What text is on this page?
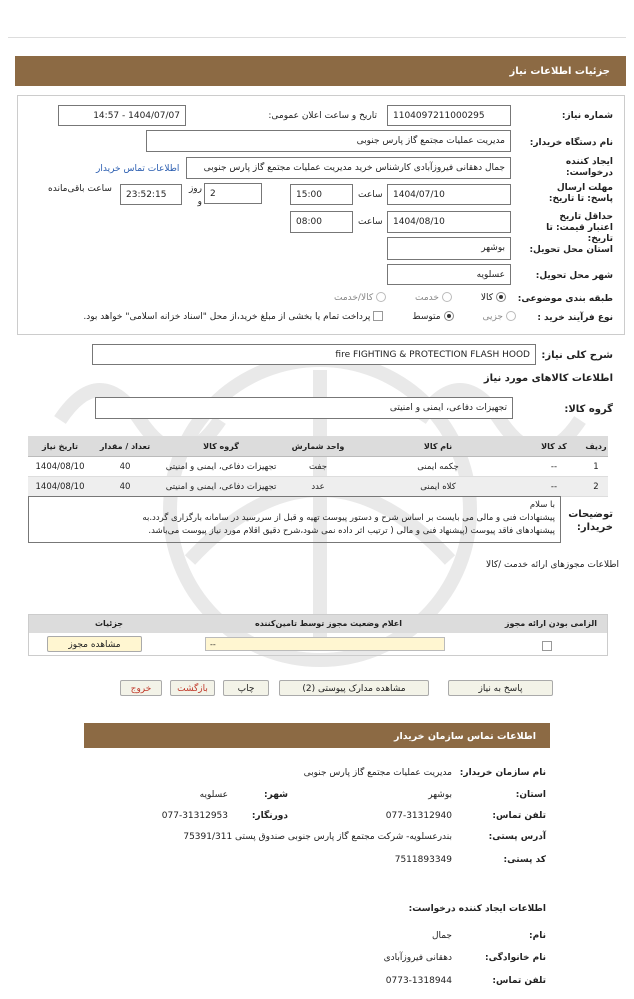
جزئیات اطلاعات نیاز
شماره نیاز:
1104097211000295
تاریخ و ساعت اعلان عمومی:
1404/07/07 - 14:57
نام دستگاه خریدار:
مدیریت عملیات مجتمع گاز پارس جنوبی
ایجاد کننده درخواست:
جمال دهقانی فیروزآبادی کارشناس خرید مدیریت عملیات مجتمع گاز پارس جنوبی
اطلاعات تماس خریدار
مهلت ارسال پاسخ: تا تاریخ:
1404/07/10
ساعت
15:00
2
روز و
23:52:15
ساعت باقی‌مانده
حداقل تاریخ اعتبار قیمت: تا تاریخ:
1404/08/10
ساعت
08:00
استان محل تحویل:
بوشهر
شهر محل تحویل:
عسلویه
طبقه بندی موضوعی:
کالا خدمت کالا/خدمت
نوع فرآیند خرید :
جزیی متوسط پرداخت تمام یا بخشی از مبلغ خرید،از محل "اسناد خزانه اسلامی" خواهد بود.
شرح کلی نیاز:
fire FIGHTING & PROTECTION FLASH HOOD
اطلاعات کالاهای مورد نیاز
گروه کالا:
تجهیزات دفاعی، ایمنی و امنیتی
ردیف	کد کالا	نام کالا	واحد شمارش	گروه کالا	تعداد / مقدار	تاریخ نیاز
1	--	چکمه ایمنی	جفت	تجهیزات دفاعی، ایمنی و امنیتی	40	1404/08/10
2	--	کلاه ایمنی	عدد	تجهیزات دفاعی، ایمنی و امنیتی	40	1404/08/10
توضیحات خریدار:
با سلام
پیشنهادات فنی و مالی می بایست بر اساس شرح و دستور پیوست تهیه و قبل از سررسید در سامانه بارگزاری گردد.به
پیشنهادهای فاقد پیوست (پیشنهاد فنی و مالی ( ترتیب اثر داده نمی شود،شرح دقیق اقلام مورد نیاز پیوست می‌باشد.
اطلاعات مجوزهای ارائه خدمت /کالا
الزامی بودن ارائه مجوز
اعلام وضعیت مجوز توسط تامین‌کننده
جزئیات
--
مشاهده مجوز
پاسخ به نیاز
مشاهده مدارک پیوستی (2)
چاپ
بازگشت
خروج
اطلاعات تماس سازمان خریدار
نام سازمان خریدار:
مدیریت عملیات مجتمع گاز پارس جنوبی
استان:
بوشهر
شهر:
عسلویه
تلفن تماس:
077-31312940
دورنگار:
077-31312953
آدرس پستی:
بندرعسلویه- شرکت مجتمع گاز پارس جنوبی صندوق پستی 75391/311
کد پستی:
7511893349
اطلاعات ایجاد کننده درخواست:
نام:
جمال
نام خانوادگی:
دهقانی فیروزآبادی
تلفن تماس:
0773-1318944
